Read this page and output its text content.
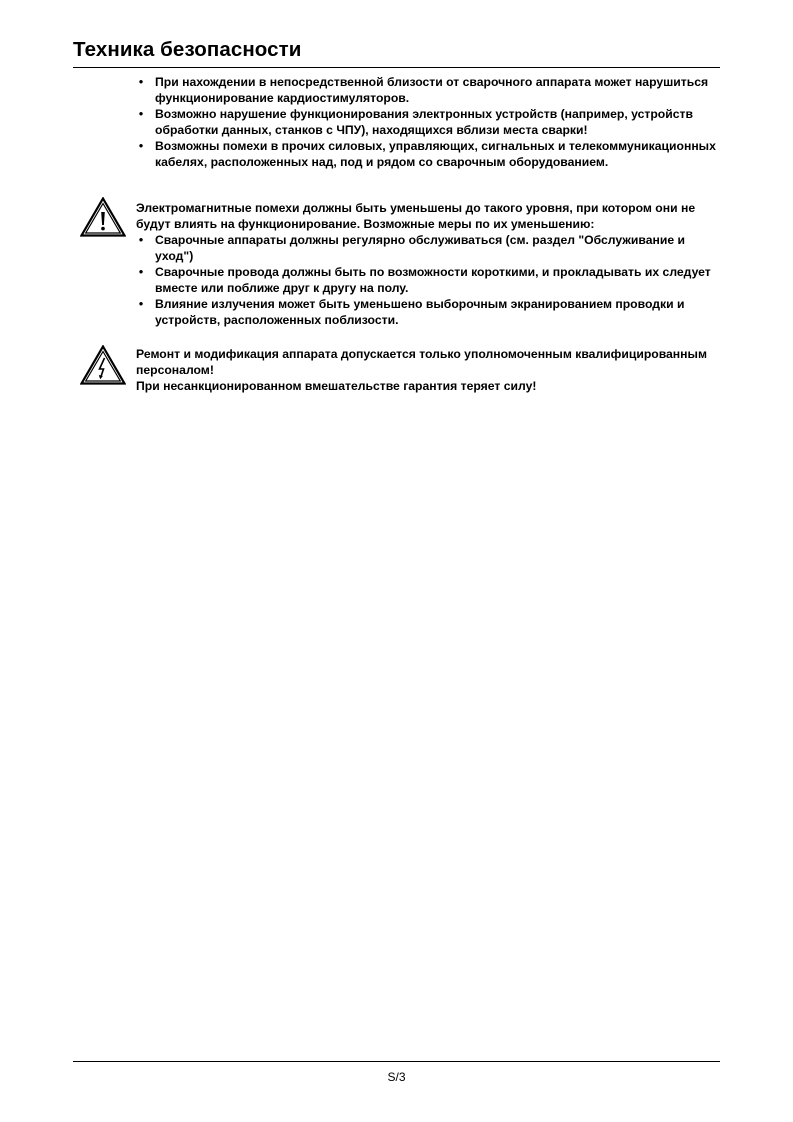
Техника безопасности
• При нахождении в непосредственной близости от сварочного аппарата может нарушиться функционирование кардиостимуляторов.
• Возможно нарушение функционирования электронных устройств (например, устройств обработки данных, станков с ЧПУ), находящихся вблизи места сварки!
• Возможны помехи в прочих силовых, управляющих, сигнальных и телекоммуникационных кабелях, расположенных над, под и рядом со сварочным оборудованием.

Электромагнитные помехи должны быть уменьшены до такого уровня, при котором они не будут влиять на функционирование. Возможные меры по их уменьшению:

• Сварочные аппараты должны регулярно обслуживаться (см. раздел "Обслуживание и уход")
• Сварочные провода должны быть по возможности короткими, и прокладывать их следует вместе или поближе друг к другу на полу.
• Влияние излучения может быть уменьшено выборочным экранированием проводки и устройств, расположенных поблизости.

Ремонт и модификация аппарата допускается только уполномоченным квалифицированным персоналом!

При несанкционированном вмешательстве гарантия теряет силу!

S/3
